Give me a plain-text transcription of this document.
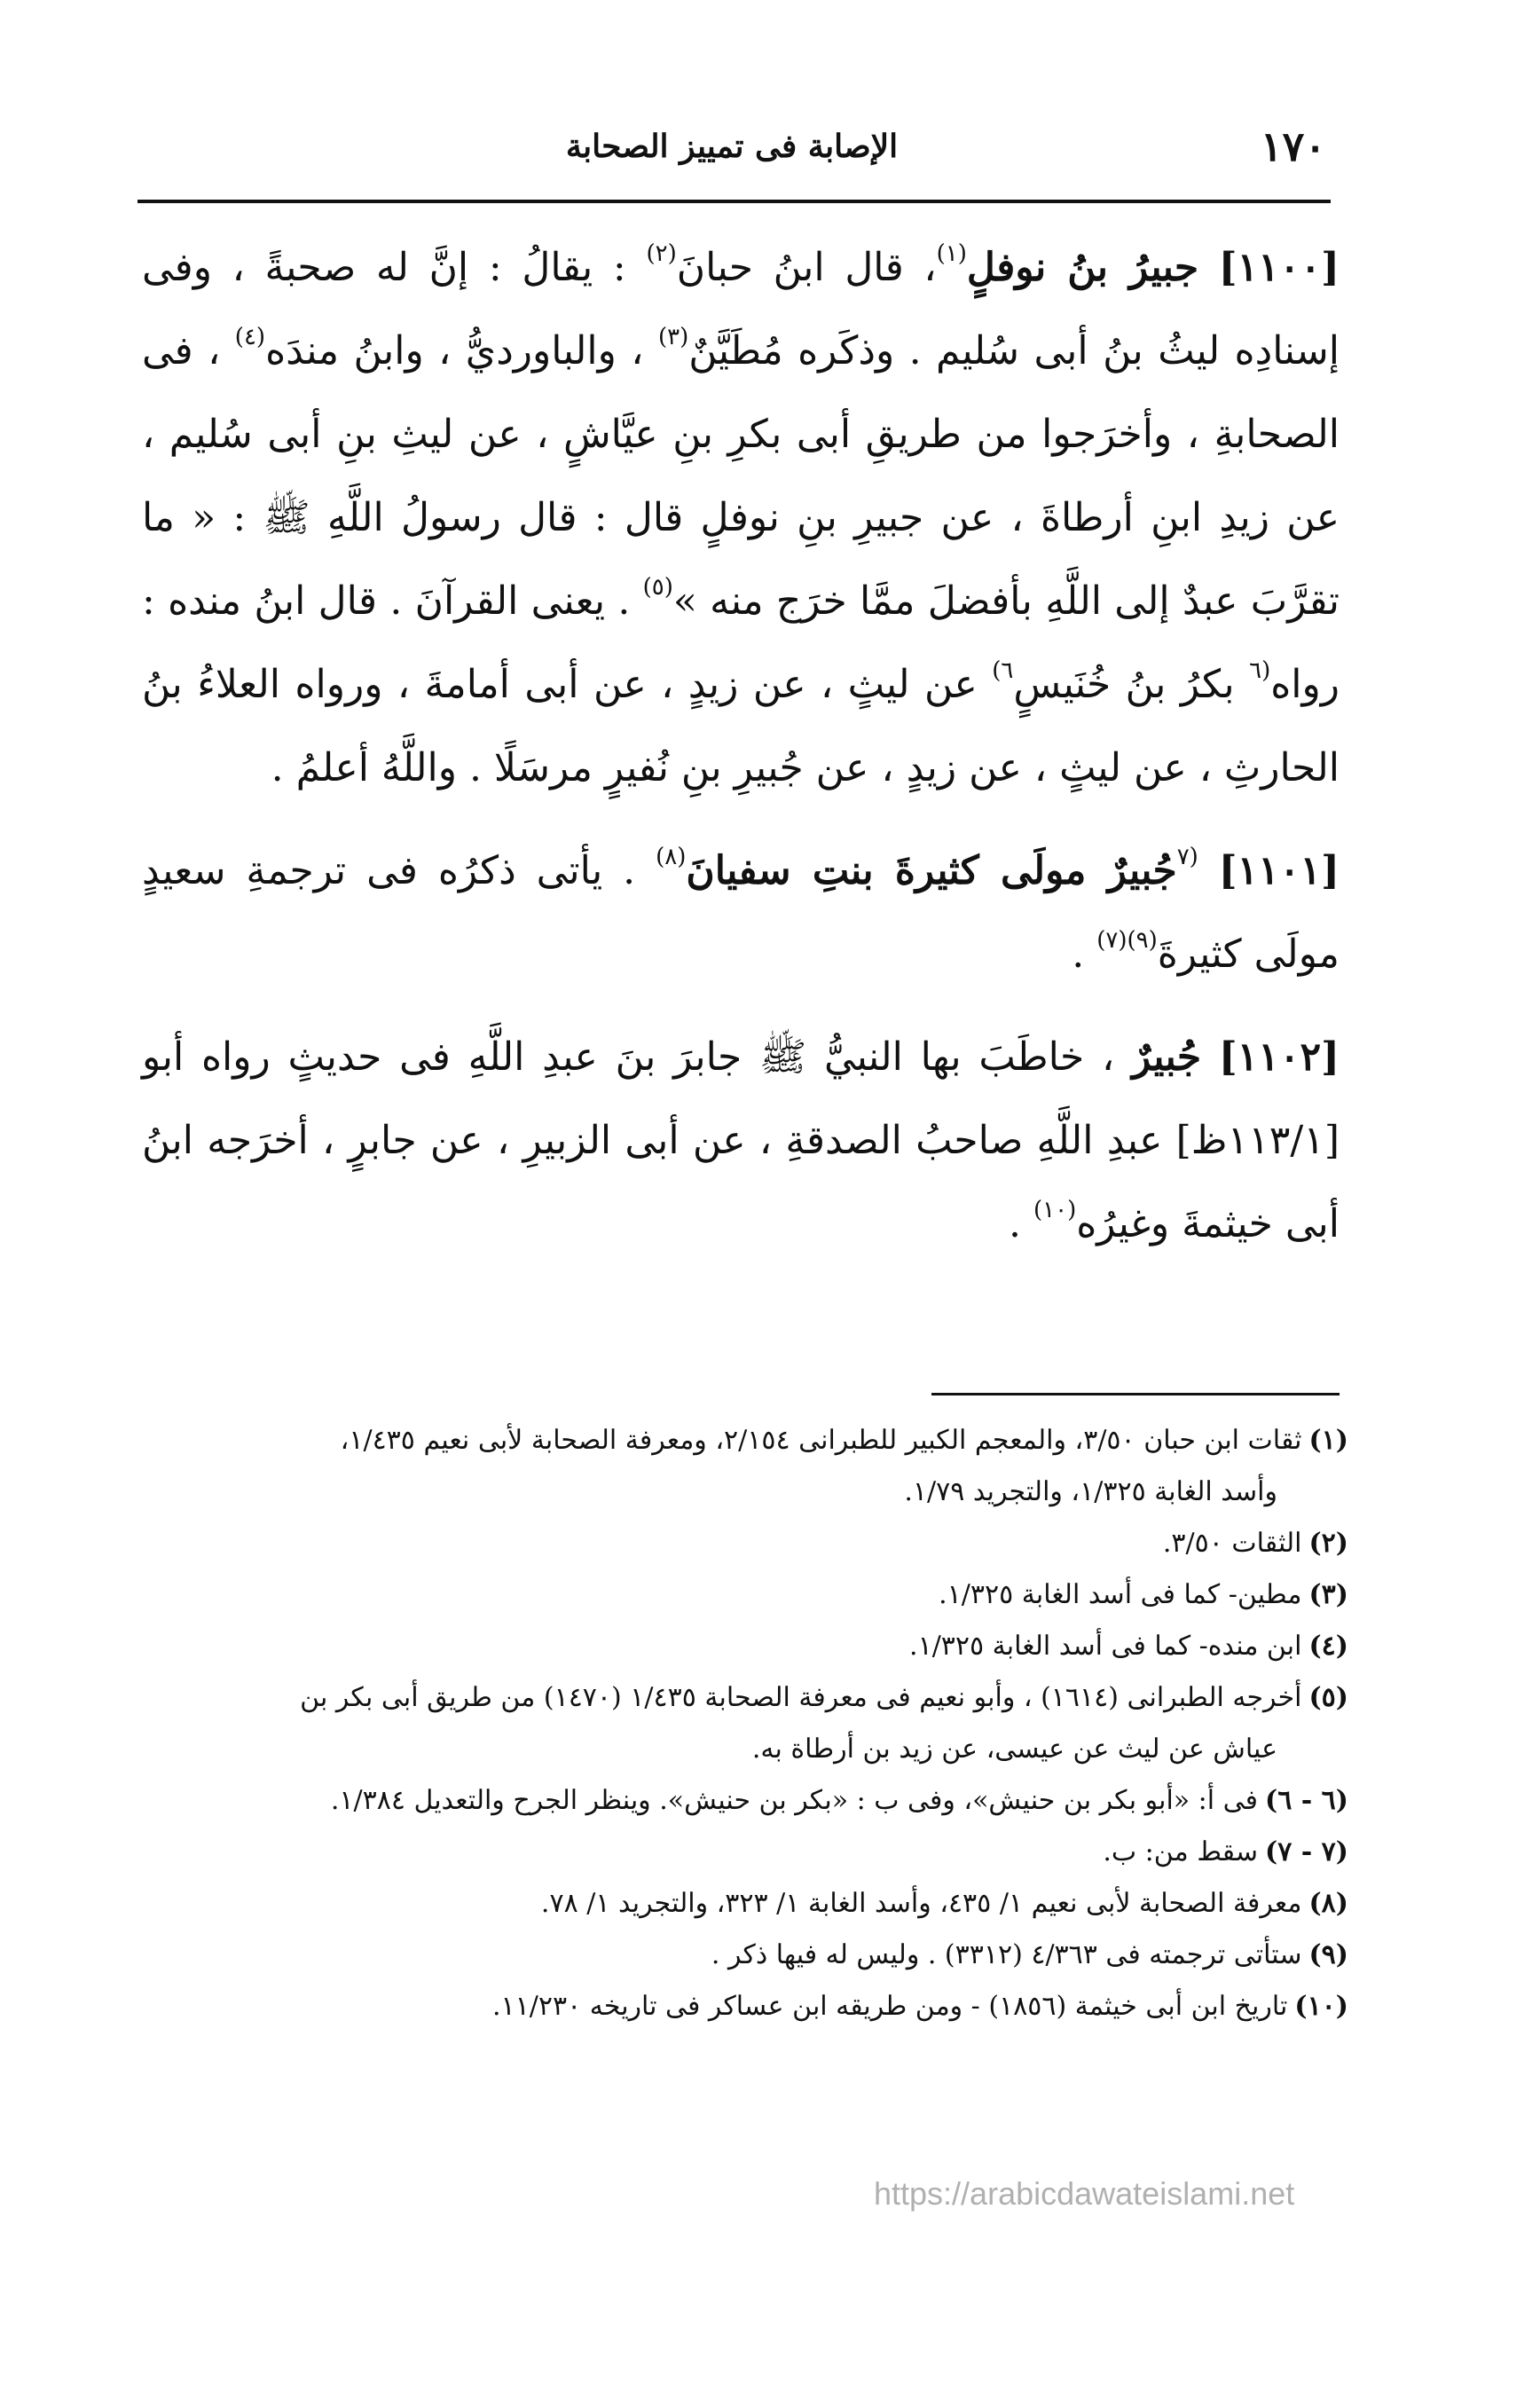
١٧٠
الإصابة فى تمييز الصحابة

[١١٠٠] جبيرُ بنُ نوفلٍ$^{(١)}$، قال ابنُ حبانَ$^{(٢)}$ : يقالُ : إنَّ له صحبةً ، وفى إسنادِه ليثُ بنُ أبى سُليم . وذكَره مُطَيَّنٌ$^{(٣)}$ ، والباورديُّ ، وابنُ مندَه$^{(٤)}$ ، فى الصحابةِ ، وأخرَجوا من طريقِ أبى بكرِ بنِ عيَّاشٍ ، عن ليثِ بنِ أبى سُليم ، عن زيدِ ابنِ أرطاةَ ، عن جبيرِ بنِ نوفلٍ قال : قال رسولُ اللَّهِ ﷺ : « ما تقرَّبَ عبدٌ إلى اللَّهِ بأفضلَ ممَّا خرَج منه »$^{(٥)}$ . يعنى القرآنَ . قال ابنُ منده : رواه$^{(٦}$ بكرُ بنُ خُنَيسٍ$^{٦)}$ عن ليثٍ ، عن زيدٍ ، عن أبى أمامةَ ، ورواه العلاءُ بنُ الحارثِ ، عن ليثٍ ، عن زيدٍ ، عن جُبيرِ بنِ نُفيرٍ مرسَلًا . واللَّهُ أعلمُ .

[١١٠١] $^{(٧}$جُبيرٌ مولَى كثيرةَ بنتِ سفيانَ$^{(٨)}$ . يأتى ذكرُه فى ترجمةِ سعيدٍ مولَى كثيرةَ$^{(٩)(٧)}$ .

[١١٠٢] جُبيرٌ ، خاطَبَ بها النبيُّ ﷺ جابرَ بنَ عبدِ اللَّهِ فى حديثٍ رواه أبو [١١٣/١ظ] عبدِ اللَّهِ صاحبُ الصدقةِ ، عن أبى الزبيرِ ، عن جابرٍ ، أخرَجه ابنُ أبى خيثمةَ وغيرُه$^{(١٠)}$ .

(١)ثقات ابن حبان ٣/٥٠، والمعجم الكبير للطبرانى ٢/١٥٤، ومعرفة الصحابة لأبى نعيم ١/٤٣٥،
وأسد الغابة ١/٣٢٥، والتجريد ١/٧٩.

(٢)الثقات ٣/٥٠.

(٣)مطين- كما فى أسد الغابة ١/٣٢٥.

(٤)ابن منده- كما فى أسد الغابة ١/٣٢٥.

(٥)أخرجه الطبرانى (١٦١٤) ، وأبو نعيم فى معرفة الصحابة ١/٤٣٥ (١٤٧٠) من طريق أبى بكر بن
عياش عن ليث عن عيسى، عن زيد بن أرطاة به.

(٦ - ٦)فى أ: «أبو بكر بن حنيش»، وفى ب : «بكر بن حنيش». وينظر الجرح والتعديل ١/٣٨٤.

(٧ - ٧)سقط من: ب.

(٨)معرفة الصحابة لأبى نعيم ١/ ٤٣٥، وأسد الغابة ١/ ٣٢٣، والتجريد ١/ ٧٨.

(٩)ستأتى ترجمته فى ٤/٣٦٣ (٣٣١٢) . وليس له فيها ذكر .

(١٠)تاريخ ابن أبى خيثمة (١٨٥٦) - ومن طريقه ابن عساكر فى تاريخه ١١/٢٣٠.

https://arabicdawateislami.net
